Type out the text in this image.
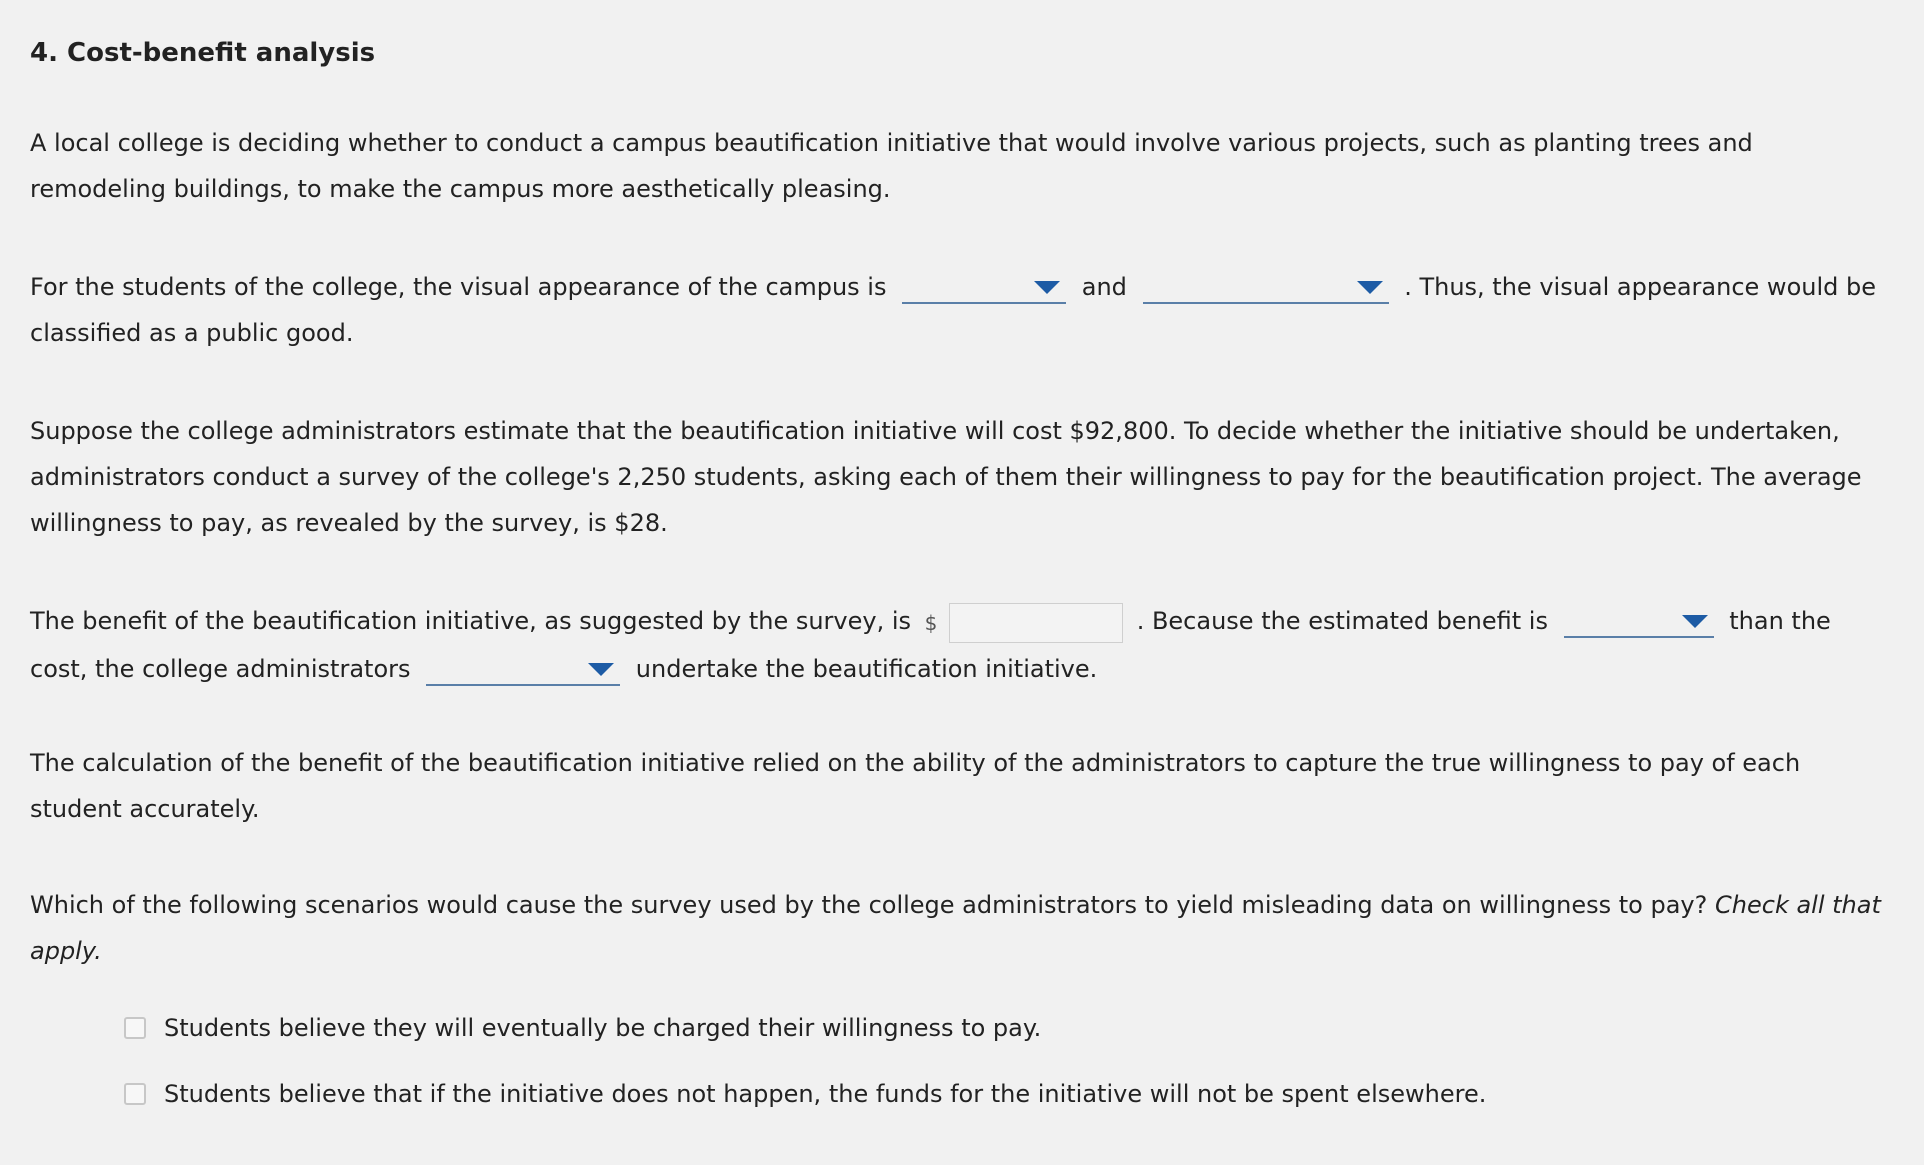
4. Cost-benefit analysis
A local college is deciding whether to conduct a campus beautification initiative that would involve various projects, such as planting trees and remodeling buildings, to make the campus more aesthetically pleasing.
For the students of the college, the visual appearance of the campus is	and	. Thus, the visual appearance would be classified as a public good.
Suppose the college administrators estimate that the beautification initiative will cost $92,800. To decide whether the initiative should be undertaken, administrators conduct a survey of the college's 2,250 students, asking each of them their willingness to pay for the beautification project. The average willingness to pay, as revealed by the survey, is $28.
The benefit of the beautification initiative, as suggested by the survey, is $	. Because the estimated benefit is	than the cost, the college administrators	undertake the beautification initiative.
The calculation of the benefit of the beautification initiative relied on the ability of the administrators to capture the true willingness to pay of each student accurately.
Which of the following scenarios would cause the survey used by the college administrators to yield misleading data on willingness to pay? Check all that apply.
Students believe they will eventually be charged their willingness to pay.
Students believe that if the initiative does not happen, the funds for the initiative will not be spent elsewhere.
